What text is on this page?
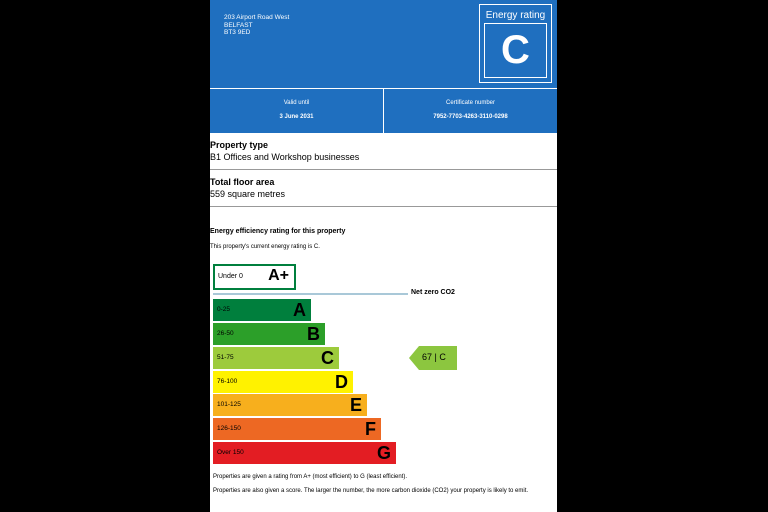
203 Airport Road West
BELFAST
BT3 9ED
Energy rating
C
Valid until
3 June 2031
Certificate number
7952-7703-4263-3110-0298
Property type
B1 Offices and Workshop businesses
Total floor area
559 square metres
Energy efficiency rating for this property
This property's current energy rating is C.
Under 0 A+
Net zero CO2
0-25	A
26-50	B
51-75	C
76-100	D
101-125	E
126-150	F
Over 150	G
67 | C
Properties are given a rating from A+ (most efficient) to G (least efficient).
Properties are also given a score. The larger the number, the more carbon dioxide (CO2) your property is likely to emit.
